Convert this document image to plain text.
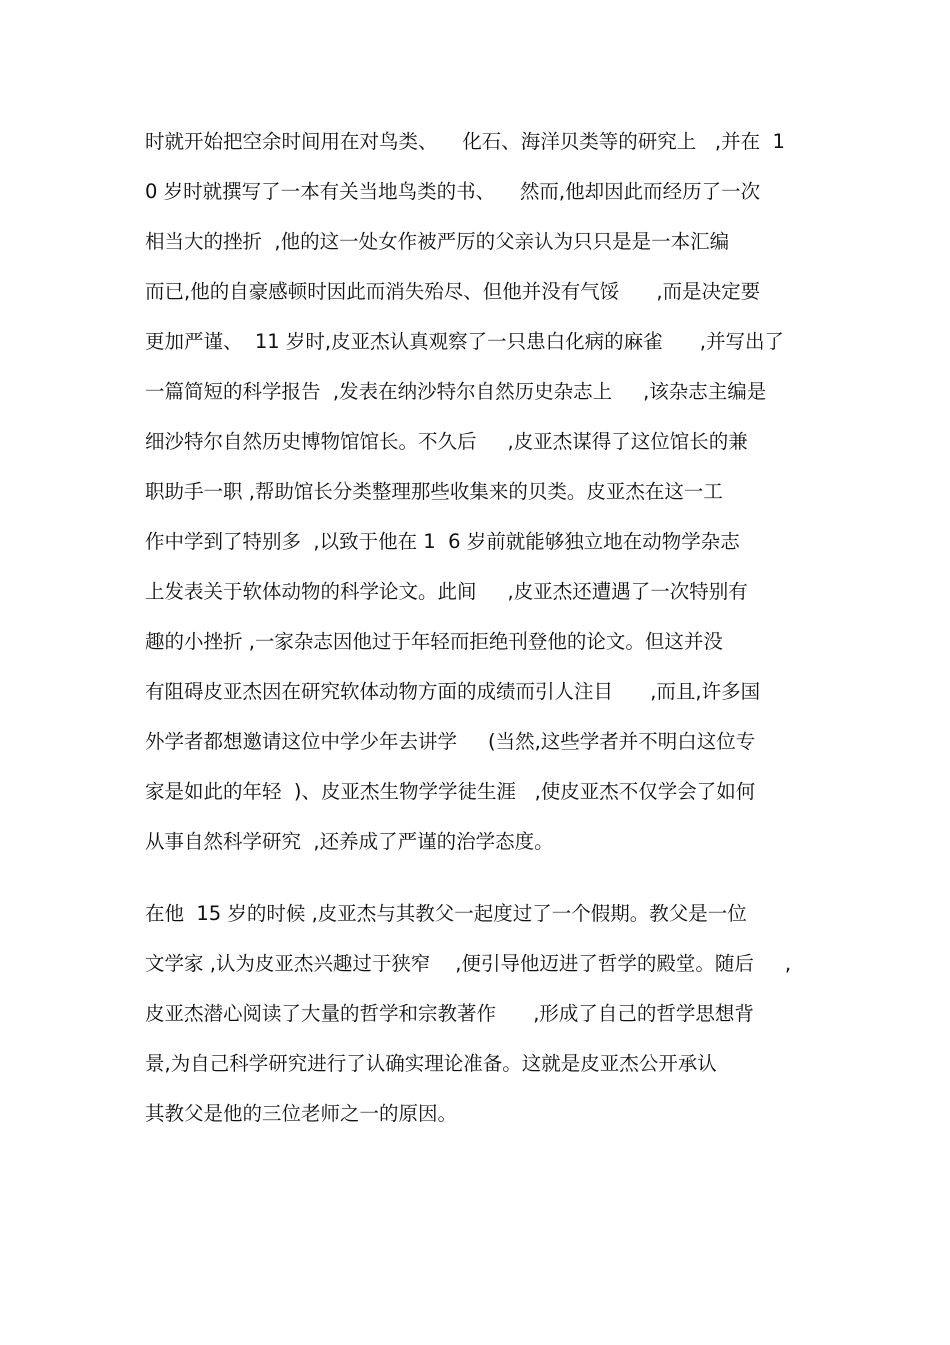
时就开始把空余时间用在对鸟类、    化石、海洋贝类等的研究上   ,并在  1
0 岁时就撰写了一本有关当地鸟类的书、    然而,他却因此而经历了一次
相当大的挫折  ,他的这一处女作被严厉的父亲认为只只是是一本汇编
而已,他的自豪感顿时因此而消失殆尽、但他并没有气馁      ,而是决定要
更加严谨、  11 岁时,皮亚杰认真观察了一只患白化病的麻雀      ,并写出了
一篇简短的科学报告  ,发表在纳沙特尔自然历史杂志上     ,该杂志主编是
细沙特尔自然历史博物馆馆长。不久后     ,皮亚杰谋得了这位馆长的兼
职助手一职 ,帮助馆长分类整理那些收集来的贝类。皮亚杰在这一工
作中学到了特别多  ,以致于他在 1  6 岁前就能够独立地在动物学杂志
上发表关于软体动物的科学论文。此间     ,皮亚杰还遭遇了一次特别有
趣的小挫折 ,一家杂志因他过于年轻而拒绝刊登他的论文。但这并没
有阻碍皮亚杰因在研究软体动物方面的成绩而引人注目      ,而且,许多国
外学者都想邀请这位中学少年去讲学     (当然,这些学者并不明白这位专
家是如此的年轻  )、皮亚杰生物学学徒生涯   ,使皮亚杰不仅学会了如何
从事自然科学研究  ,还养成了严谨的治学态度。
在他  15 岁的时候 ,皮亚杰与其教父一起度过了一个假期。教父是一位
文学家 ,认为皮亚杰兴趣过于狭窄    ,便引导他迈进了哲学的殿堂。随后     ,
皮亚杰潜心阅读了大量的哲学和宗教著作      ,形成了自己的哲学思想背
景,为自己科学研究进行了认确实理论准备。这就是皮亚杰公开承认
其教父是他的三位老师之一的原因。
